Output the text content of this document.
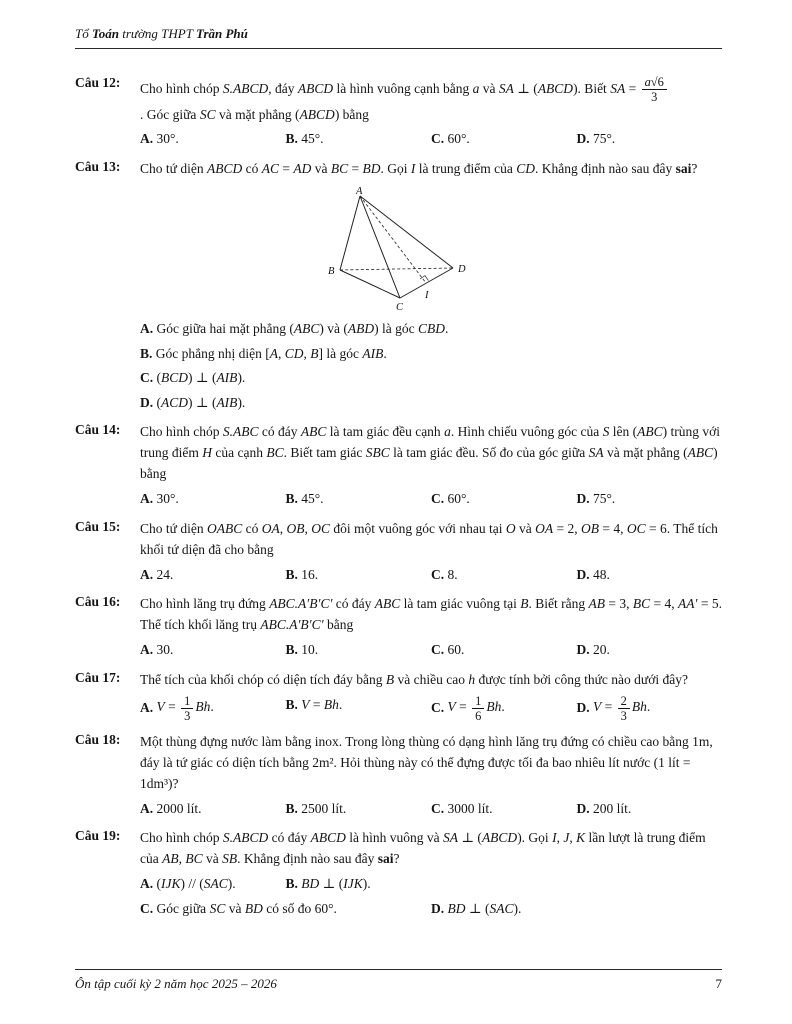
Tổ Toán trường THPT Trần Phú
Câu 12:	Cho hình chóp S.ABCD, đáy ABCD là hình vuông cạnh bằng a và SA ⊥ (ABCD). Biết SA = $\frac{a√6}{3}$
. Góc giữa SC và mặt phẳng (ABCD) bằng
A. 30°.	B. 45°.	C. 60°.	D. 75°.
Câu 13:	Cho tứ diện ABCD có AC = AD và BC = BD. Gọi I là trung điểm của CD. Khẳng định nào sau đây sai?
A
B
C
D
I
A. Góc giữa hai mặt phẳng (ABC) và (ABD) là góc CBD.
B. Góc phẳng nhị diện [A, CD, B] là góc AIB.
C. (BCD) ⊥ (AIB).
D. (ACD) ⊥ (AIB).
Câu 14:	Cho hình chóp S.ABC có đáy ABC là tam giác đều cạnh a. Hình chiếu vuông góc của S lên (ABC) trùng với trung điểm H của cạnh BC. Biết tam giác SBC là tam giác đều. Số đo của góc giữa SA và mặt phẳng (ABC) bằng
A. 30°.	B. 45°.	C. 60°.	D. 75°.
Câu 15:	Cho tứ diện OABC có OA, OB, OC đôi một vuông góc với nhau tại O và OA = 2, OB = 4, OC = 6. Thể tích khối tứ diện đã cho bằng
A. 24.	B. 16.	C. 8.	D. 48.
Câu 16:	Cho hình lăng trụ đứng ABC.A′B′C′ có đáy ABC là tam giác vuông tại B. Biết rằng AB = 3, BC = 4, AA′ = 5. Thể tích khối lăng trụ ABC.A′B′C′ bằng
A. 30.	B. 10.	C. 60.	D. 20.
Câu 17:	Thể tích của khối chóp có diện tích đáy bằng B và chiều cao h được tính bởi công thức nào dưới đây?
A. $V = \frac{1}{3} Bh$.	B. V = Bh.	C. $V = \frac{1}{6} Bh$.	D. $V = \frac{2}{3} Bh$.
Câu 18:	Một thùng đựng nước làm bằng inox. Trong lòng thùng có dạng hình lăng trụ đứng có chiều cao bằng 1m, đáy là tứ giác có diện tích bằng 2m². Hỏi thùng này có thể đựng được tối đa bao nhiêu lít nước (1 lít = 1dm³)?
A. 2000 lít.	B. 2500 lít.	C. 3000 lít.	D. 200 lít.
Câu 19:	Cho hình chóp S.ABCD có đáy ABCD là hình vuông và SA ⊥ (ABCD). Gọi I, J, K lần lượt là trung điểm của AB, BC và SB. Khẳng định nào sau đây sai?
A. (IJK) // (SAC).	B. BD ⊥ (IJK).
C. Góc giữa SC và BD có số đo 60°.	D. BD ⊥ (SAC).
Ôn tập cuối kỳ 2 năm học 2025 – 2026	7
